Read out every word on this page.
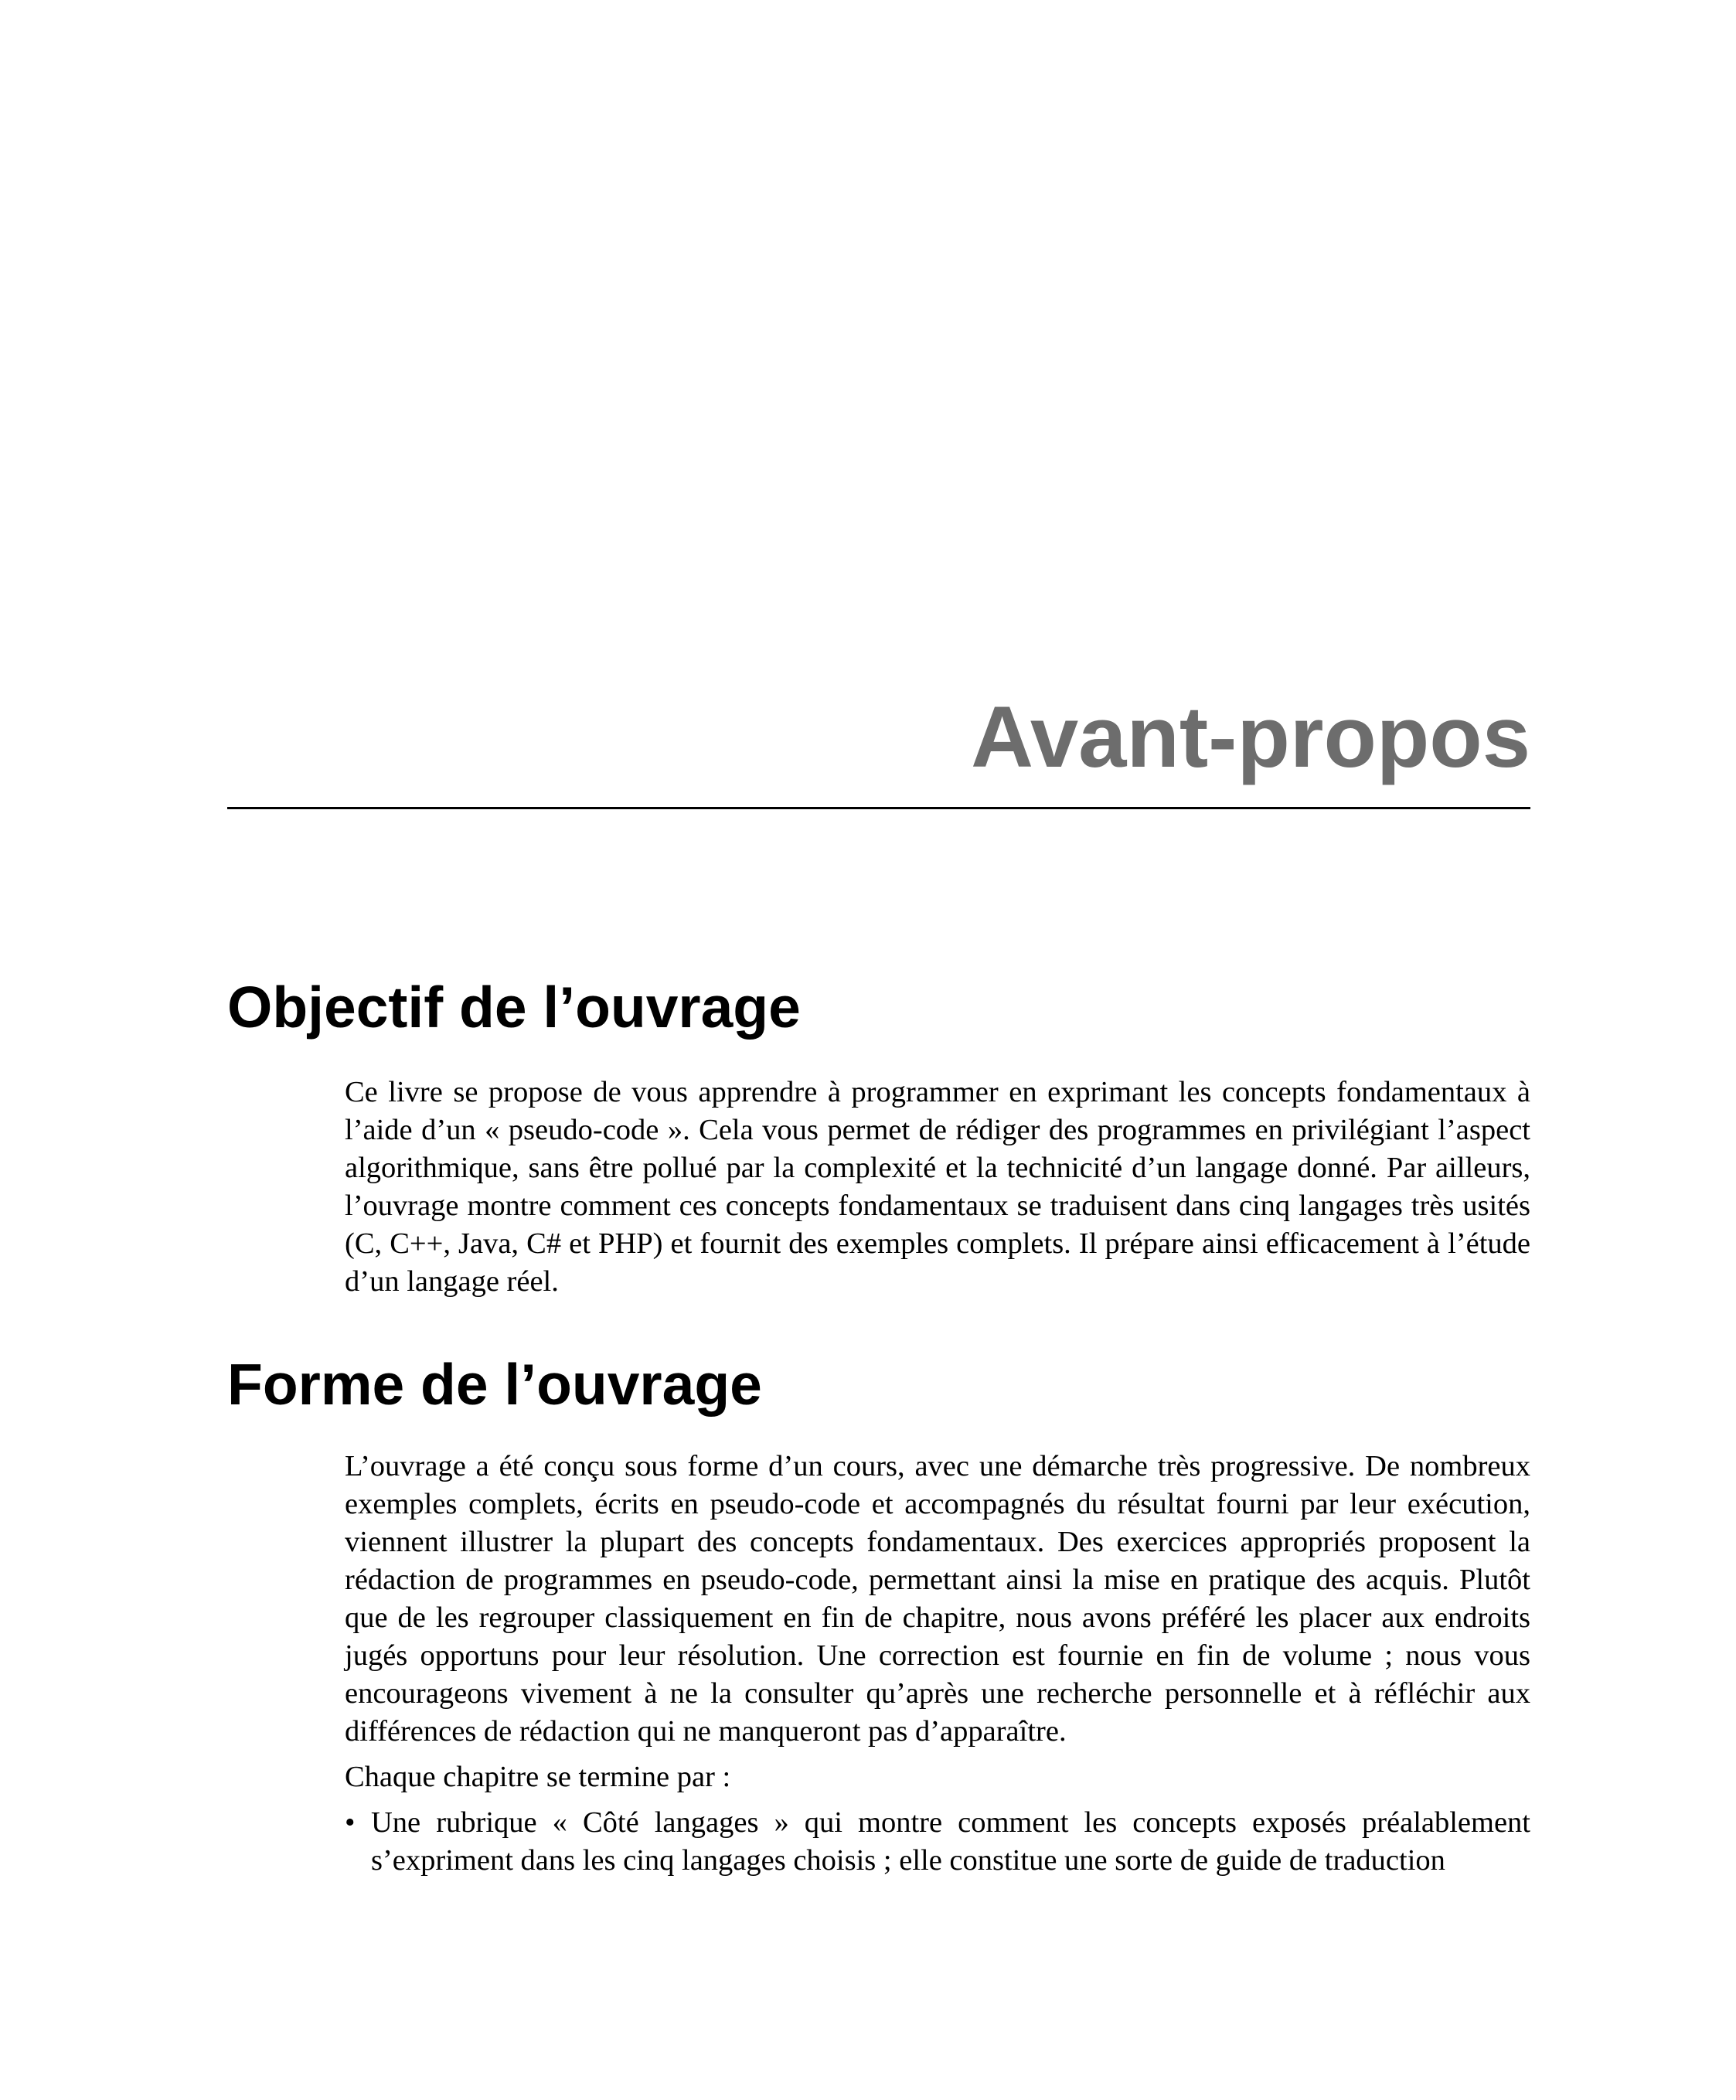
Avant-propos
Objectif de l’ouvrage

Ce livre se propose de vous apprendre à programmer en exprimant les concepts fondamentaux à l’aide d’un « pseudo-code ». Cela vous permet de rédiger des programmes en privilégiant l’aspect algorithmique, sans être pollué par la complexité et la technicité d’un langage donné. Par ailleurs, l’ouvrage montre comment ces concepts fondamentaux se traduisent dans cinq langages très usités (C, C++, Java, C# et PHP) et fournit des exemples complets. Il prépare ainsi efficacement à l’étude d’un langage réel.

Forme de l’ouvrage

L’ouvrage a été conçu sous forme d’un cours, avec une démarche très progressive. De nombreux exemples complets, écrits en pseudo-code et accompagnés du résultat fourni par leur exécution, viennent illustrer la plupart des concepts fondamentaux. Des exercices appropriés proposent la rédaction de programmes en pseudo-code, permettant ainsi la mise en pratique des acquis. Plutôt que de les regrouper classiquement en fin de chapitre, nous avons préféré les placer aux endroits jugés opportuns pour leur résolution. Une correction est fournie en fin de volume ; nous vous encourageons vivement à ne la consulter qu’après une recherche personnelle et à réfléchir aux différences de rédaction qui ne manqueront pas d’apparaître.

Chaque chapitre se termine par :

• Une rubrique « Côté langages » qui montre comment les concepts exposés préalablement s’expriment dans les cinq langages choisis ; elle constitue une sorte de guide de traduction
